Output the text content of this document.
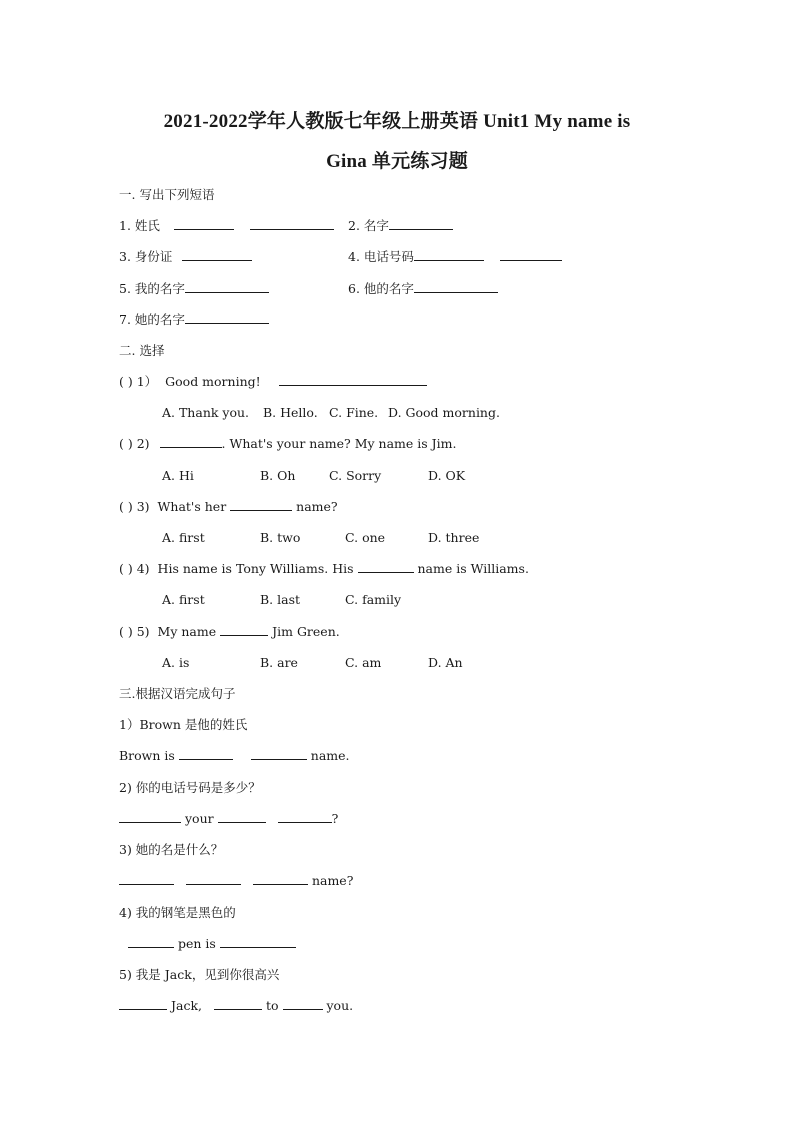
2021-2022学年人教版七年级上册英语 Unit1 My name is
Gina 单元练习题
一. 写出下列短语
1. 姓氏	2. 名字
3. 身份证	4. 电话号码
5. 我的名字	6. 他的名字
7. 她的名字
二. 选择
( ) 1） Good morning!
A. Thank you. B. Hello. C. Fine. D. Good morning.
( ) 2)	. What's your name? My name is Jim.
A. Hi	B. Oh	C. Sorry	D. OK
( ) 3) What's her	name?
A. first	B. two	C. one	D. three
( ) 4) His name is Tony Williams. His	name is Williams.
A. first	B. last	C. family
( ) 5) My name	Jim Green.
A. is	B. are	C. am	D. An
三.根据汉语完成句子
1）Brown 是他的姓氏
Brown is	name.
2) 你的电话号码是多少？
your	?
3) 她的名是什么？
name?
4) 我的钢笔是黑色的
pen is
5) 我是 Jack，见到你很高兴
Jack,	to	you.
